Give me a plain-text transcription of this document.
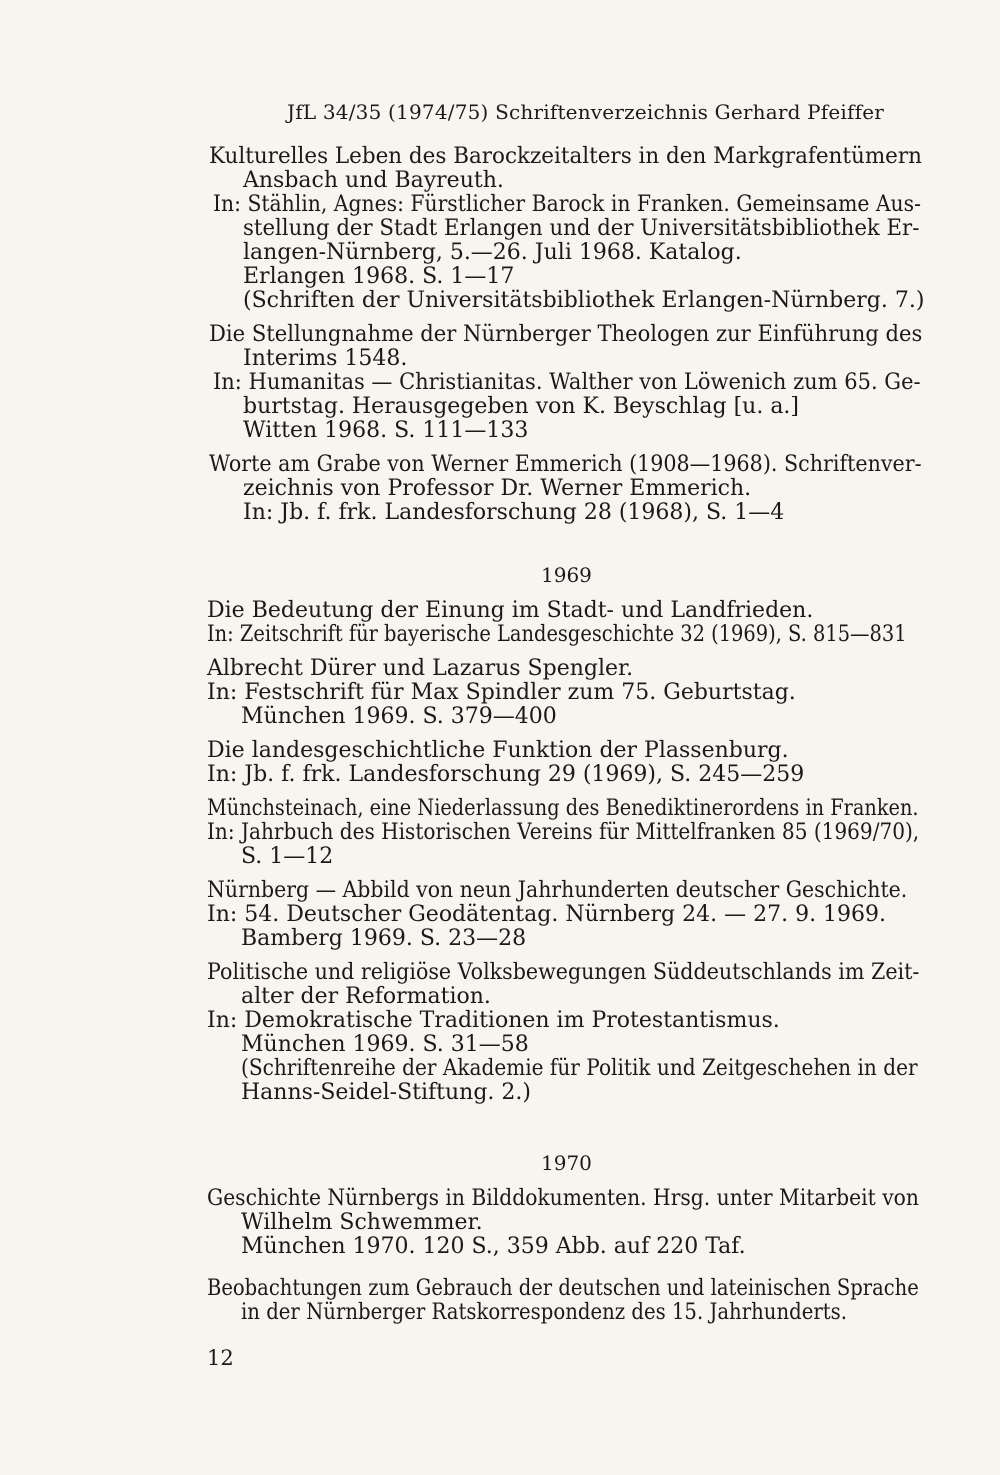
JfL 34/35 (1974/75) Schriftenverzeichnis Gerhard Pfeiffer
Kulturelles Leben des Barockzeitalters in den Markgrafentümern
Ansbach und Bayreuth.
In: Stählin, Agnes: Fürstlicher Barock in Franken. Gemeinsame Aus-
stellung der Stadt Erlangen und der Universitätsbibliothek Er-
langen-Nürnberg, 5.—26. Juli 1968. Katalog.
Erlangen 1968. S. 1—17
(Schriften der Universitätsbibliothek Erlangen-Nürnberg. 7.)
Die Stellungnahme der Nürnberger Theologen zur Einführung des
Interims 1548.
In: Humanitas — Christianitas. Walther von Löwenich zum 65. Ge-
burtstag. Herausgegeben von K. Beyschlag [u. a.]
Witten 1968. S. 111—133
Worte am Grabe von Werner Emmerich (1908—1968). Schriftenver-
zeichnis von Professor Dr. Werner Emmerich.
In: Jb. f. frk. Landesforschung 28 (1968), S. 1—4
1969
Die Bedeutung der Einung im Stadt- und Landfrieden.
In: Zeitschrift für bayerische Landesgeschichte 32 (1969), S. 815—831
Albrecht Dürer und Lazarus Spengler.
In: Festschrift für Max Spindler zum 75. Geburtstag.
München 1969. S. 379—400
Die landesgeschichtliche Funktion der Plassenburg.
In: Jb. f. frk. Landesforschung 29 (1969), S. 245—259
Münchsteinach, eine Niederlassung des Benediktinerordens in Franken.
In: Jahrbuch des Historischen Vereins für Mittelfranken 85 (1969/70),
S. 1—12
Nürnberg — Abbild von neun Jahrhunderten deutscher Geschichte.
In: 54. Deutscher Geodätentag. Nürnberg 24. — 27. 9. 1969.
Bamberg 1969. S. 23—28
Politische und religiöse Volksbewegungen Süddeutschlands im Zeit-
alter der Reformation.
In: Demokratische Traditionen im Protestantismus.
München 1969. S. 31—58
(Schriftenreihe der Akademie für Politik und Zeitgeschehen in der
Hanns-Seidel-Stiftung. 2.)
1970
Geschichte Nürnbergs in Bilddokumenten. Hrsg. unter Mitarbeit von
Wilhelm Schwemmer.
München 1970. 120 S., 359 Abb. auf 220 Taf.
Beobachtungen zum Gebrauch der deutschen und lateinischen Sprache
in der Nürnberger Ratskorrespondenz des 15. Jahrhunderts.
12
